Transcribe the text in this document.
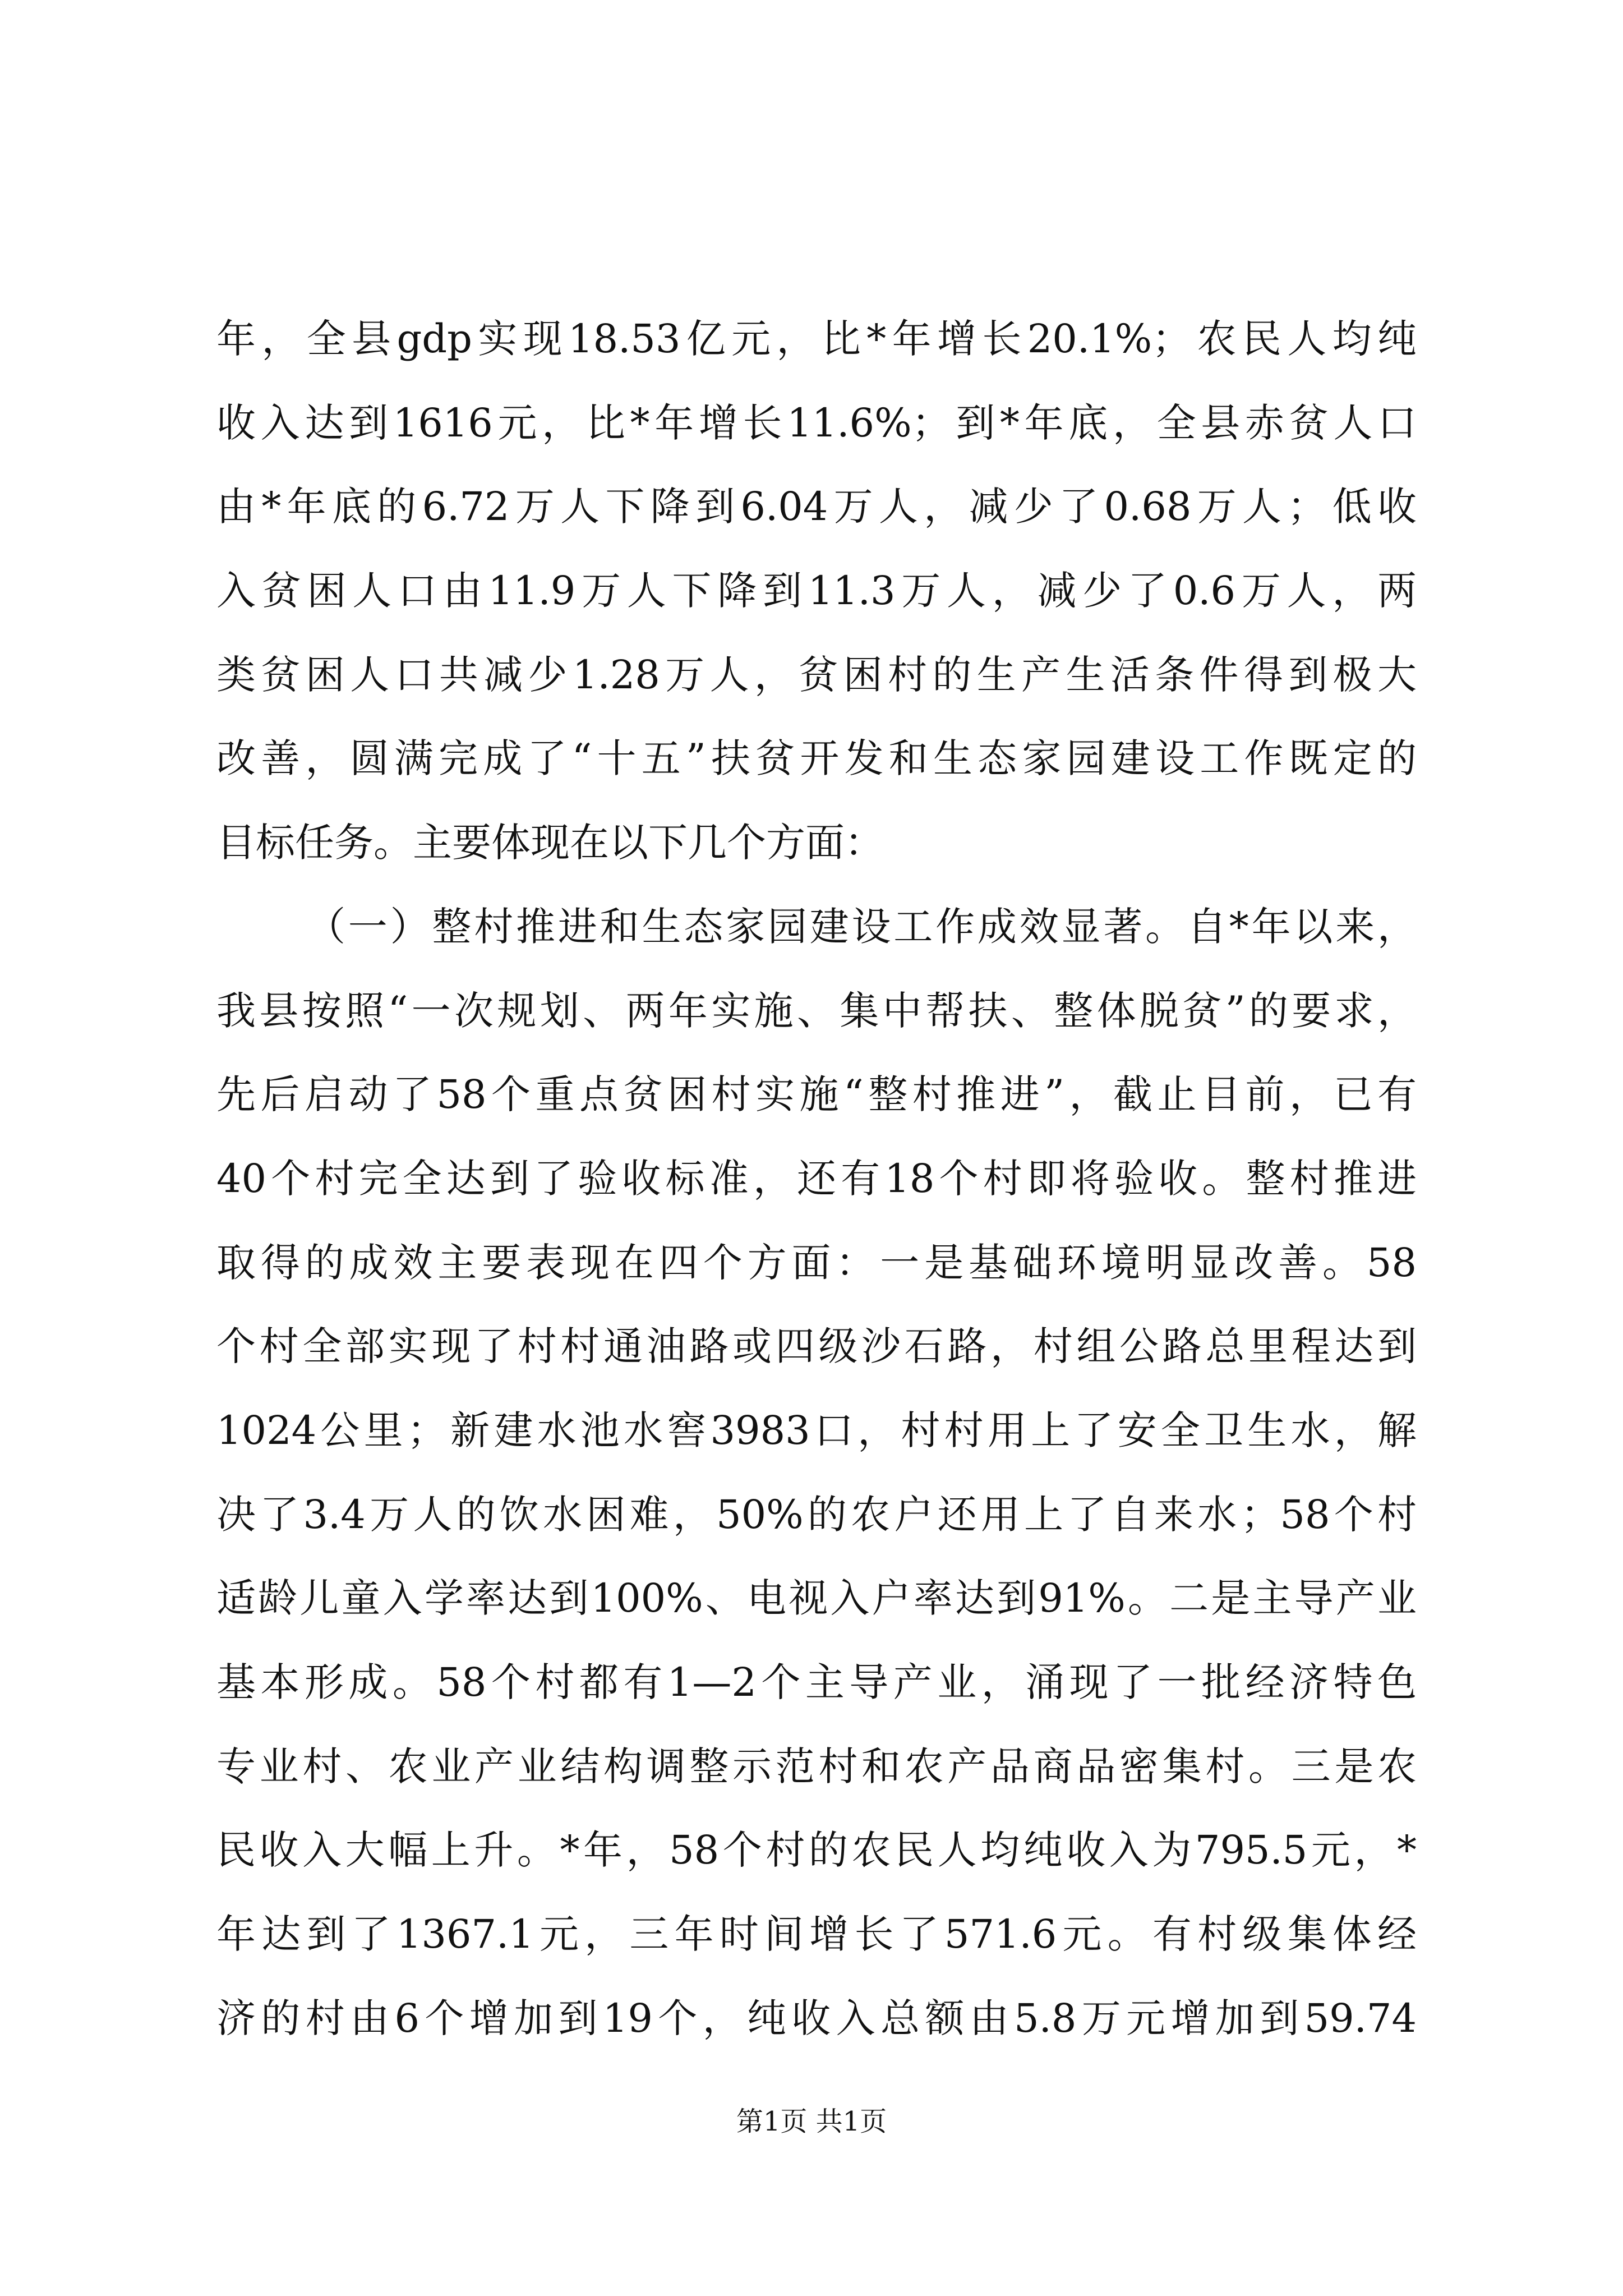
年，全县gdp实现18.53亿元，比*年增长20.1%；农民人均纯
收入达到1616元，比*年增长11.6%；到*年底，全县赤贫人口
由*年底的6.72万人下降到6.04万人，减少了0.68万人；低收
入贫困人口由11.9万人下降到11.3万人，减少了0.6万人，两
类贫困人口共减少1.28万人，贫困村的生产生活条件得到极大
改善，圆满完成了“十五”扶贫开发和生态家园建设工作既定的
目标任务。主要体现在以下几个方面：
（一）整村推进和生态家园建设工作成效显著。自*年以来，
我县按照“一次规划、两年实施、集中帮扶、整体脱贫”的要求，
先后启动了58个重点贫困村实施“整村推进”，截止目前，已有
40个村完全达到了验收标准，还有18个村即将验收。整村推进
取得的成效主要表现在四个方面：一是基础环境明显改善。58
个村全部实现了村村通油路或四级沙石路，村组公路总里程达到
1024公里；新建水池水窖3983口，村村用上了安全卫生水，解
决了3.4万人的饮水困难，50%的农户还用上了自来水；58个村
适龄儿童入学率达到100%、电视入户率达到91%。二是主导产业
基本形成。58个村都有1—2个主导产业，涌现了一批经济特色
专业村、农业产业结构调整示范村和农产品商品密集村。三是农
民收入大幅上升。*年，58个村的农民人均纯收入为795.5元，*
年达到了1367.1元，三年时间增长了571.6元。有村级集体经
济的村由6个增加到19个，纯收入总额由5.8万元增加到59.74
第1页 共1页
